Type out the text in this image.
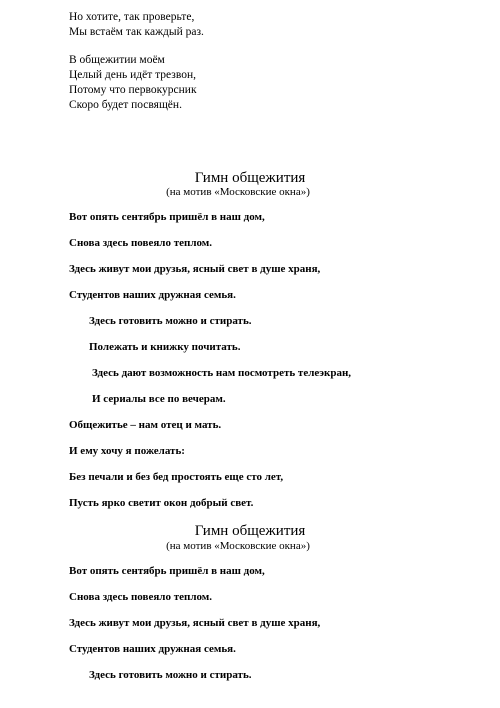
Но хотите, так проверьте,
Мы встаём так каждый раз.
В общежитии моём
Целый день идёт трезвон,
Потому что первокурсник
Скоро будет посвящён.
Гимн общежития
(на мотив «Московские окна»)
Вот опять сентябрь пришёл в наш дом,
Снова здесь повеяло теплом.
Здесь живут мои друзья, ясный свет в душе храня,
Студентов наших дружная семья.
Здесь готовить можно и стирать.
Полежать и книжку почитать.
Здесь дают возможность нам посмотреть телеэкран,
И сериалы все по вечерам.
Общежитье – нам отец и мать.
И ему хочу я пожелать:
Без печали и без бед простоять еще сто лет,
Пусть ярко светит окон добрый свет.
Гимн общежития
(на мотив «Московские окна»)
Вот опять сентябрь пришёл в наш дом,
Снова здесь повеяло теплом.
Здесь живут мои друзья, ясный свет в душе храня,
Студентов наших дружная семья.
Здесь готовить можно и стирать.
